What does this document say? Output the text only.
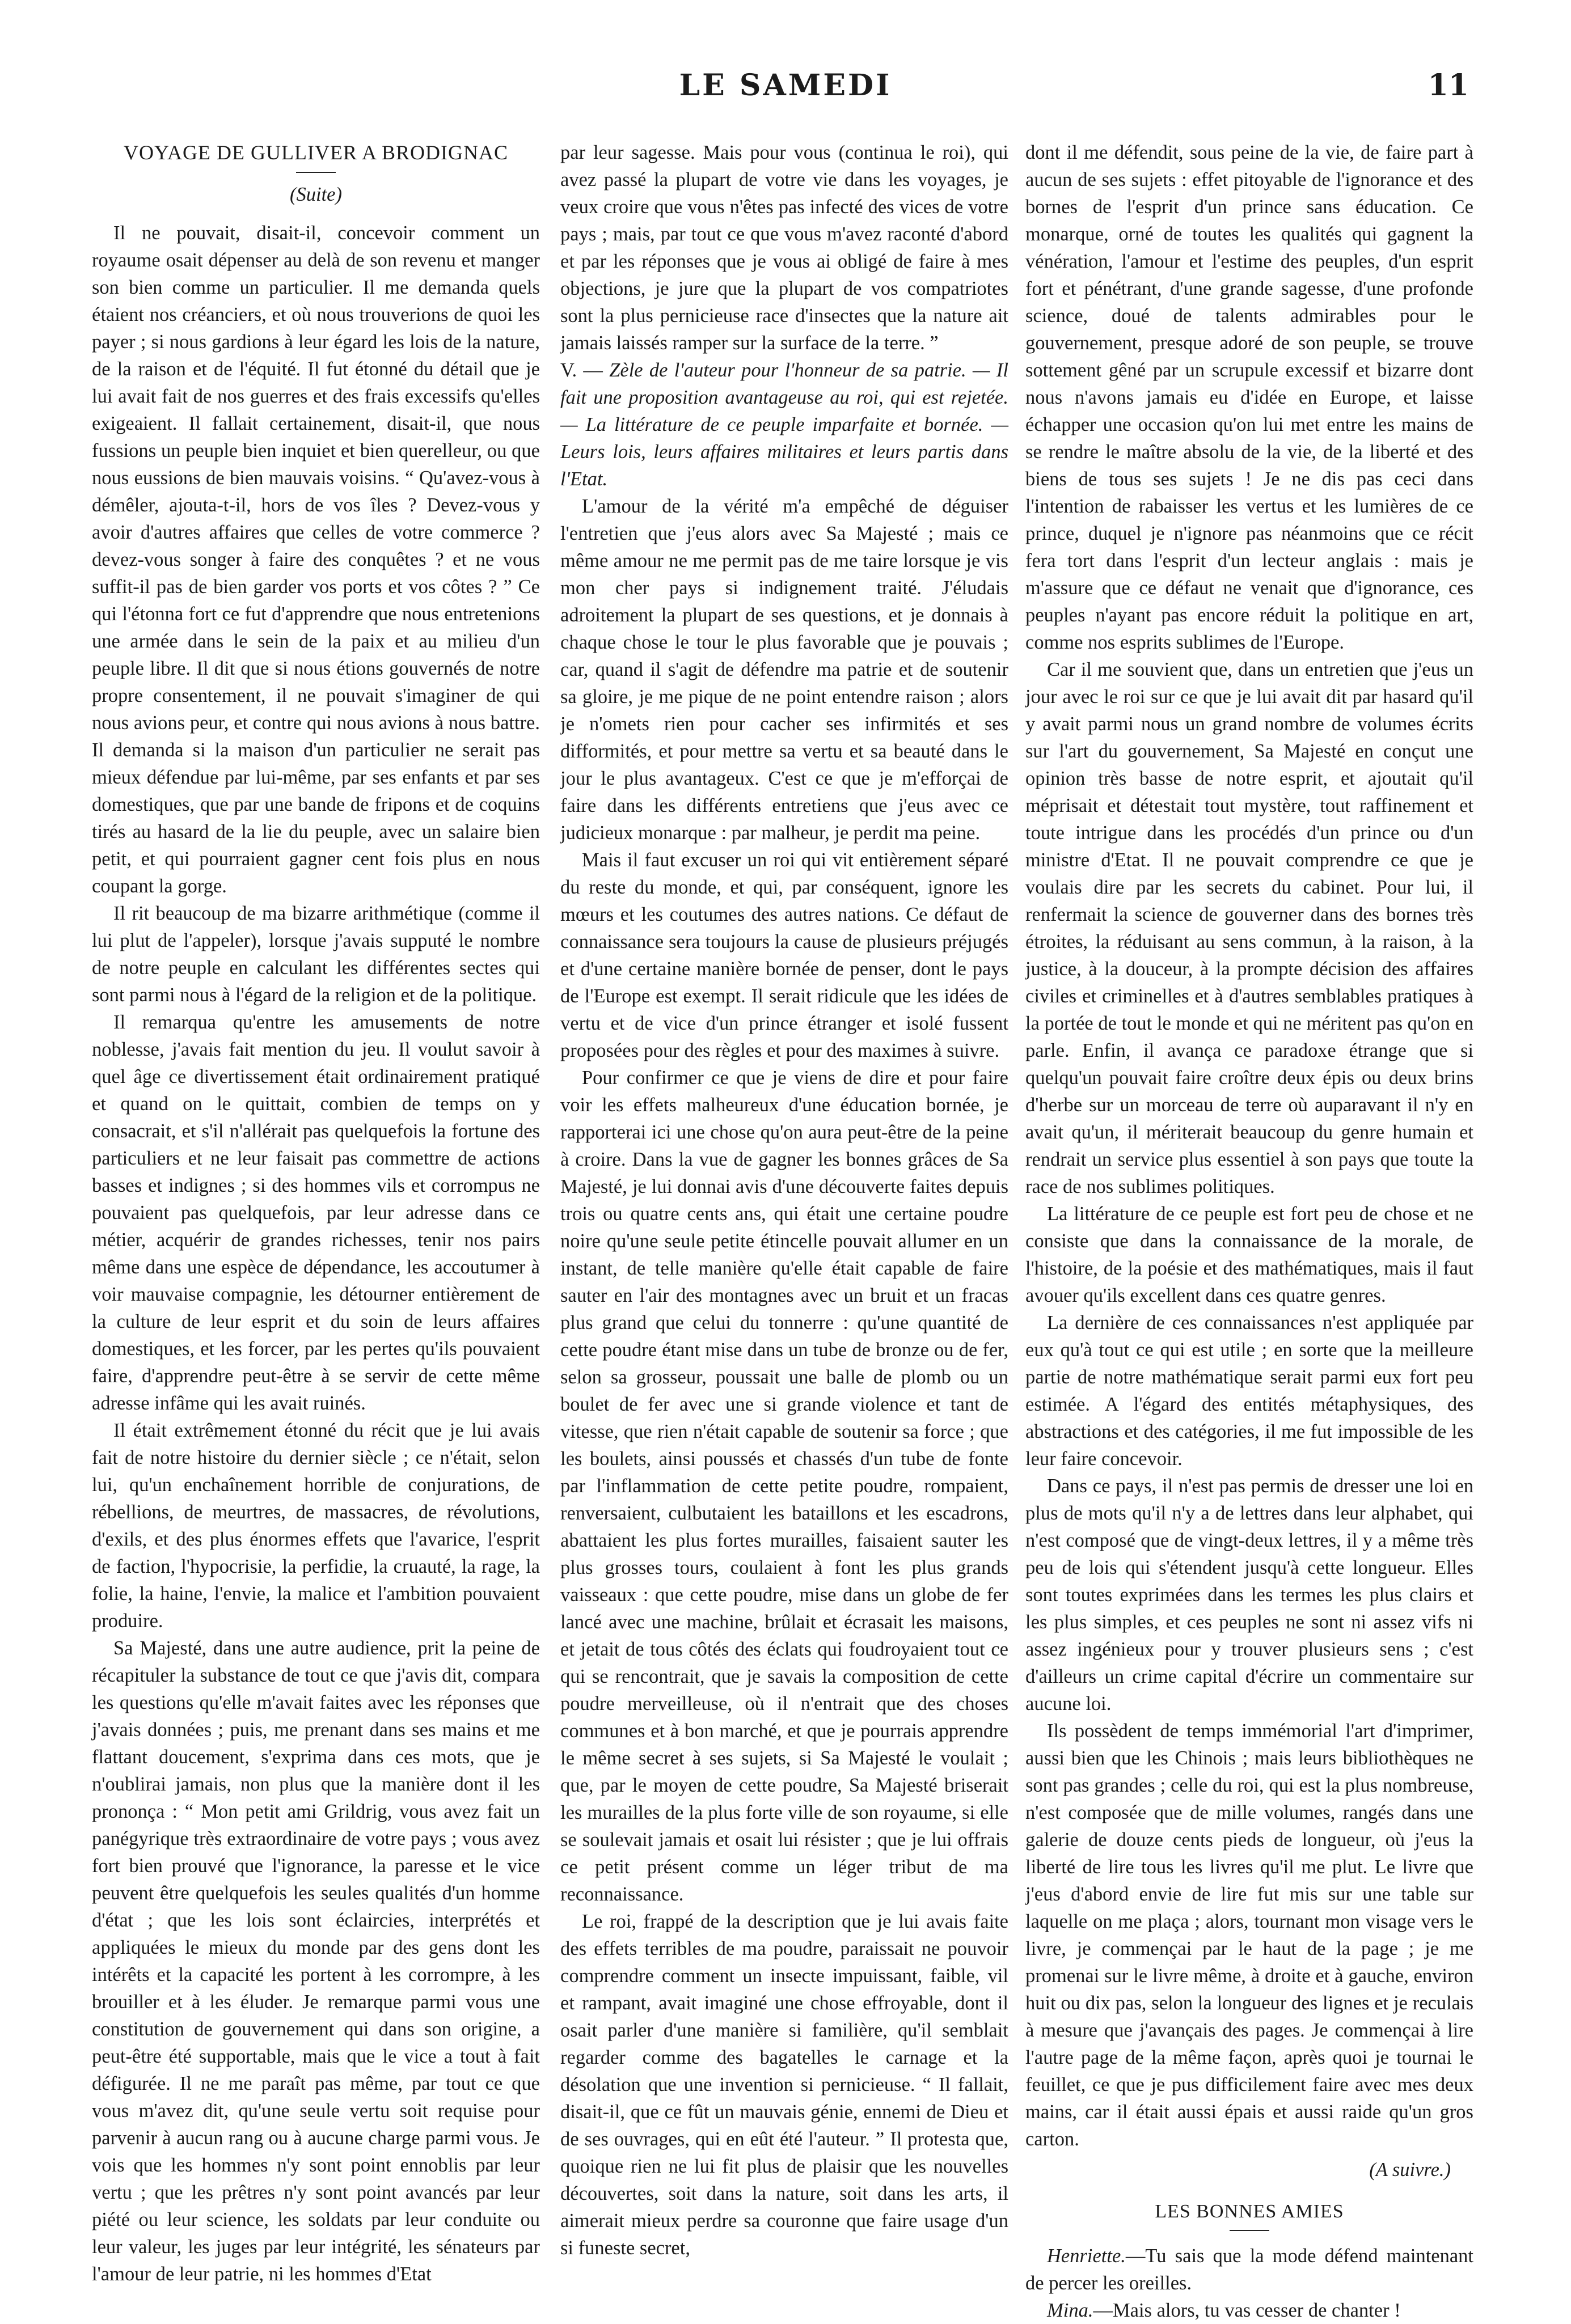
LE SAMEDI	11
VOYAGE DE GULLIVER A BRODIGNAC
(Suite)

Il ne pouvait, disait-il, concevoir comment un royaume osait dépenser au delà de son revenu et manger son bien comme un particulier. Il me demanda quels étaient nos créanciers, et où nous trouverions de quoi les payer ; si nous gardions à leur égard les lois de la nature, de la raison et de l'équité. Il fut étonné du détail que je lui avait fait de nos guerres et des frais excessifs qu'elles exigeaient. Il fallait certainement, disait-il, que nous fussions un peuple bien inquiet et bien querelleur, ou que nous eussions de bien mauvais voisins. “ Qu'avez-vous à démêler, ajouta-t-il, hors de vos îles ? Devez-vous y avoir d'autres affaires que celles de votre commerce ? devez-vous songer à faire des conquêtes ? et ne vous suffit-il pas de bien garder vos ports et vos côtes ? ” Ce qui l'étonna fort ce fut d'apprendre que nous entretenions une armée dans le sein de la paix et au milieu d'un peuple libre. Il dit que si nous étions gouvernés de notre propre consentement, il ne pouvait s'imaginer de qui nous avions peur, et contre qui nous avions à nous battre. Il demanda si la maison d'un particulier ne serait pas mieux défendue par lui-même, par ses enfants et par ses domestiques, que par une bande de fripons et de coquins tirés au hasard de la lie du peuple, avec un salaire bien petit, et qui pourraient gagner cent fois plus en nous coupant la gorge.

Il rit beaucoup de ma bizarre arithmétique (comme il lui plut de l'appeler), lorsque j'avais supputé le nombre de notre peuple en calculant les différentes sectes qui sont parmi nous à l'égard de la religion et de la politique.

Il remarqua qu'entre les amusements de notre noblesse, j'avais fait mention du jeu. Il voulut savoir à quel âge ce divertissement était ordinairement pratiqué et quand on le quittait, combien de temps on y consacrait, et s'il n'allérait pas quelquefois la fortune des particuliers et ne leur faisait pas commettre de actions basses et indignes ; si des hommes vils et corrompus ne pouvaient pas quelquefois, par leur adresse dans ce métier, acquérir de grandes richesses, tenir nos pairs même dans une espèce de dépendance, les accoutumer à voir mauvaise compagnie, les détourner entièrement de la culture de leur esprit et du soin de leurs affaires domestiques, et les forcer, par les pertes qu'ils pouvaient faire, d'apprendre peut-être à se servir de cette même adresse infâme qui les avait ruinés.

Il était extrêmement étonné du récit que je lui avais fait de notre histoire du dernier siècle ; ce n'était, selon lui, qu'un enchaînement horrible de conjurations, de rébellions, de meurtres, de massacres, de révolutions, d'exils, et des plus énormes effets que l'avarice, l'esprit de faction, l'hypocrisie, la perfidie, la cruauté, la rage, la folie, la haine, l'envie, la malice et l'ambition pouvaient produire.

Sa Majesté, dans une autre audience, prit la peine de récapituler la substance de tout ce que j'avis dit, compara les questions qu'elle m'avait faites avec les réponses que j'avais données ; puis, me prenant dans ses mains et me flattant doucement, s'exprima dans ces mots, que je n'oublirai jamais, non plus que la manière dont il les prononça : “ Mon petit ami Grildrig, vous avez fait un panégyrique très extraordinaire de votre pays ; vous avez fort bien prouvé que l'ignorance, la paresse et le vice peuvent être quelquefois les seules qualités d'un homme d'état ; que les lois sont éclaircies, interprétés et appliquées le mieux du monde par des gens dont les intérêts et la capacité les portent à les corrompre, à les brouiller et à les éluder. Je remarque parmi vous une constitution de gouvernement qui dans son origine, a peut-être été supportable, mais que le vice a tout à fait défigurée. Il ne me paraît pas même, par tout ce que vous m'avez dit, qu'une seule vertu soit requise pour parvenir à aucun rang ou à aucune charge parmi vous. Je vois que les hommes n'y sont point ennoblis par leur vertu ; que les prêtres n'y sont point avancés par leur piété ou leur science, les soldats par leur conduite ou leur valeur, les juges par leur intégrité, les sénateurs par l'amour de leur patrie, ni les hommes d'Etat

par leur sagesse. Mais pour vous (continua le roi), qui avez passé la plupart de votre vie dans les voyages, je veux croire que vous n'êtes pas infecté des vices de votre pays ; mais, par tout ce que vous m'avez raconté d'abord et par les réponses que je vous ai obligé de faire à mes objections, je jure que la plupart de vos compatriotes sont la plus pernicieuse race d'insectes que la nature ait jamais laissés ramper sur la surface de la terre. ”

V. — Zèle de l'auteur pour l'honneur de sa patrie. — Il fait une proposition avantageuse au roi, qui est rejetée. — La littérature de ce peuple imparfaite et bornée. — Leurs lois, leurs affaires militaires et leurs partis dans l'Etat.

L'amour de la vérité m'a empêché de déguiser l'entretien que j'eus alors avec Sa Majesté ; mais ce même amour ne me permit pas de me taire lorsque je vis mon cher pays si indignement traité. J'éludais adroitement la plupart de ses questions, et je donnais à chaque chose le tour le plus favorable que je pouvais ; car, quand il s'agit de défendre ma patrie et de soutenir sa gloire, je me pique de ne point entendre raison ; alors je n'omets rien pour cacher ses infirmités et ses difformités, et pour mettre sa vertu et sa beauté dans le jour le plus avantageux. C'est ce que je m'efforçai de faire dans les différents entretiens que j'eus avec ce judicieux monarque : par malheur, je perdit ma peine.

Mais il faut excuser un roi qui vit entièrement séparé du reste du monde, et qui, par conséquent, ignore les mœurs et les coutumes des autres nations. Ce défaut de connaissance sera toujours la cause de plusieurs préjugés et d'une certaine manière bornée de penser, dont le pays de l'Europe est exempt. Il serait ridicule que les idées de vertu et de vice d'un prince étranger et isolé fussent proposées pour des règles et pour des maximes à suivre.

Pour confirmer ce que je viens de dire et pour faire voir les effets malheureux d'une éducation bornée, je rapporterai ici une chose qu'on aura peut-être de la peine à croire. Dans la vue de gagner les bonnes grâces de Sa Majesté, je lui donnai avis d'une découverte faites depuis trois ou quatre cents ans, qui était une certaine poudre noire qu'une seule petite étincelle pouvait allumer en un instant, de telle manière qu'elle était capable de faire sauter en l'air des montagnes avec un bruit et un fracas plus grand que celui du tonnerre : qu'une quantité de cette poudre étant mise dans un tube de bronze ou de fer, selon sa grosseur, poussait une balle de plomb ou un boulet de fer avec une si grande violence et tant de vitesse, que rien n'était capable de soutenir sa force ; que les boulets, ainsi poussés et chassés d'un tube de fonte par l'inflammation de cette petite poudre, rompaient, renversaient, culbutaient les bataillons et les escadrons, abattaient les plus fortes murailles, faisaient sauter les plus grosses tours, coulaient à font les plus grands vaisseaux : que cette poudre, mise dans un globe de fer lancé avec une machine, brûlait et écrasait les maisons, et jetait de tous côtés des éclats qui foudroyaient tout ce qui se rencontrait, que je savais la composition de cette poudre merveilleuse, où il n'entrait que des choses communes et à bon marché, et que je pourrais apprendre le même secret à ses sujets, si Sa Majesté le voulait ; que, par le moyen de cette poudre, Sa Majesté briserait les murailles de la plus forte ville de son royaume, si elle se soulevait jamais et osait lui résister ; que je lui offrais ce petit présent comme un léger tribut de ma reconnaissance.

Le roi, frappé de la description que je lui avais faite des effets terribles de ma poudre, paraissait ne pouvoir comprendre comment un insecte impuissant, faible, vil et rampant, avait imaginé une chose effroyable, dont il osait parler d'une manière si familière, qu'il semblait regarder comme des bagatelles le carnage et la désolation que une invention si pernicieuse. “ Il fallait, disait-il, que ce fût un mauvais génie, ennemi de Dieu et de ses ouvrages, qui en eût été l'auteur. ” Il protesta que, quoique rien ne lui fit plus de plaisir que les nouvelles découvertes, soit dans la nature, soit dans les arts, il aimerait mieux perdre sa couronne que faire usage d'un si funeste secret,

dont il me défendit, sous peine de la vie, de faire part à aucun de ses sujets : effet pitoyable de l'ignorance et des bornes de l'esprit d'un prince sans éducation. Ce monarque, orné de toutes les qualités qui gagnent la vénération, l'amour et l'estime des peuples, d'un esprit fort et pénétrant, d'une grande sagesse, d'une profonde science, doué de talents admirables pour le gouvernement, presque adoré de son peuple, se trouve sottement gêné par un scrupule excessif et bizarre dont nous n'avons jamais eu d'idée en Europe, et laisse échapper une occasion qu'on lui met entre les mains de se rendre le maître absolu de la vie, de la liberté et des biens de tous ses sujets ! Je ne dis pas ceci dans l'intention de rabaisser les vertus et les lumières de ce prince, duquel je n'ignore pas néanmoins que ce récit fera tort dans l'esprit d'un lecteur anglais : mais je m'assure que ce défaut ne venait que d'ignorance, ces peuples n'ayant pas encore réduit la politique en art, comme nos esprits sublimes de l'Europe.

Car il me souvient que, dans un entretien que j'eus un jour avec le roi sur ce que je lui avait dit par hasard qu'il y avait parmi nous un grand nombre de volumes écrits sur l'art du gouvernement, Sa Majesté en conçut une opinion très basse de notre esprit, et ajoutait qu'il méprisait et détestait tout mystère, tout raffinement et toute intrigue dans les procédés d'un prince ou d'un ministre d'Etat. Il ne pouvait comprendre ce que je voulais dire par les secrets du cabinet. Pour lui, il renfermait la science de gouverner dans des bornes très étroites, la réduisant au sens commun, à la raison, à la justice, à la douceur, à la promptе décision des affaires civiles et criminelles et à d'autres semblables pratiques à la portée de tout le monde et qui ne méritent pas qu'on en parle. Enfin, il avança ce paradoxe étrange que si quelqu'un pouvait faire croître deux épis ou deux brins d'herbe sur un morceau de terre où auparavant il n'y en avait qu'un, il mériterait beaucoup du genre humain et rendrait un service plus essentiel à son pays que toute la race de nos sublimes politiques.

La littérature de ce peuple est fort peu de chose et ne consiste que dans la connaissance de la morale, de l'histoire, de la poésie et des mathématiques, mais il faut avouer qu'ils excellent dans ces quatre genres.

La dernière de ces connaissances n'est appliquée par eux qu'à tout ce qui est utile ; en sorte que la meilleure partie de notre mathématique serait parmi eux fort peu estimée. A l'égard des entités métaphysiques, des abstractions et des catégories, il me fut impossible de les leur faire concevoir.

Dans ce pays, il n'est pas permis de dresser une loi en plus de mots qu'il n'y a de lettres dans leur alphabet, qui n'est composé que de vingt-deux lettres, il y a même très peu de lois qui s'étendent jusqu'à cette longueur. Elles sont toutes exprimées dans les termes les plus clairs et les plus simples, et ces peuples ne sont ni assez vifs ni assez ingénieux pour y trouver plusieurs sens ; c'est d'ailleurs un crime capital d'écrire un commentaire sur aucune loi.

Ils possèdent de temps immémorial l'art d'imprimer, aussi bien que les Chinois ; mais leurs bibliothèques ne sont pas grandes ; celle du roi, qui est la plus nombreuse, n'est composée que de mille volumes, rangés dans une galerie de douze cents pieds de longueur, où j'eus la liberté de lire tous les livres qu'il me plut. Le livre que j'eus d'abord envie de lire fut mis sur une table sur laquelle on me plaça ; alors, tournant mon visage vers le livre, je commençai par le haut de la page ; je me promenai sur le livre même, à droite et à gauche, environ huit ou dix pas, selon la longueur des lignes et je reculais à mesure que j'avançais des pages. Je commençai à lire l'autre page de la même façon, après quoi je tournai le feuillet, ce que je pus difficilement faire avec mes deux mains, car il était aussi épais et aussi raide qu'un gros carton.

(A suivre.)
LES BONNES AMIES

Henriette.—Tu sais que la mode défend maintenant de percer les oreilles.

Mina.—Mais alors, tu vas cesser de chanter !
